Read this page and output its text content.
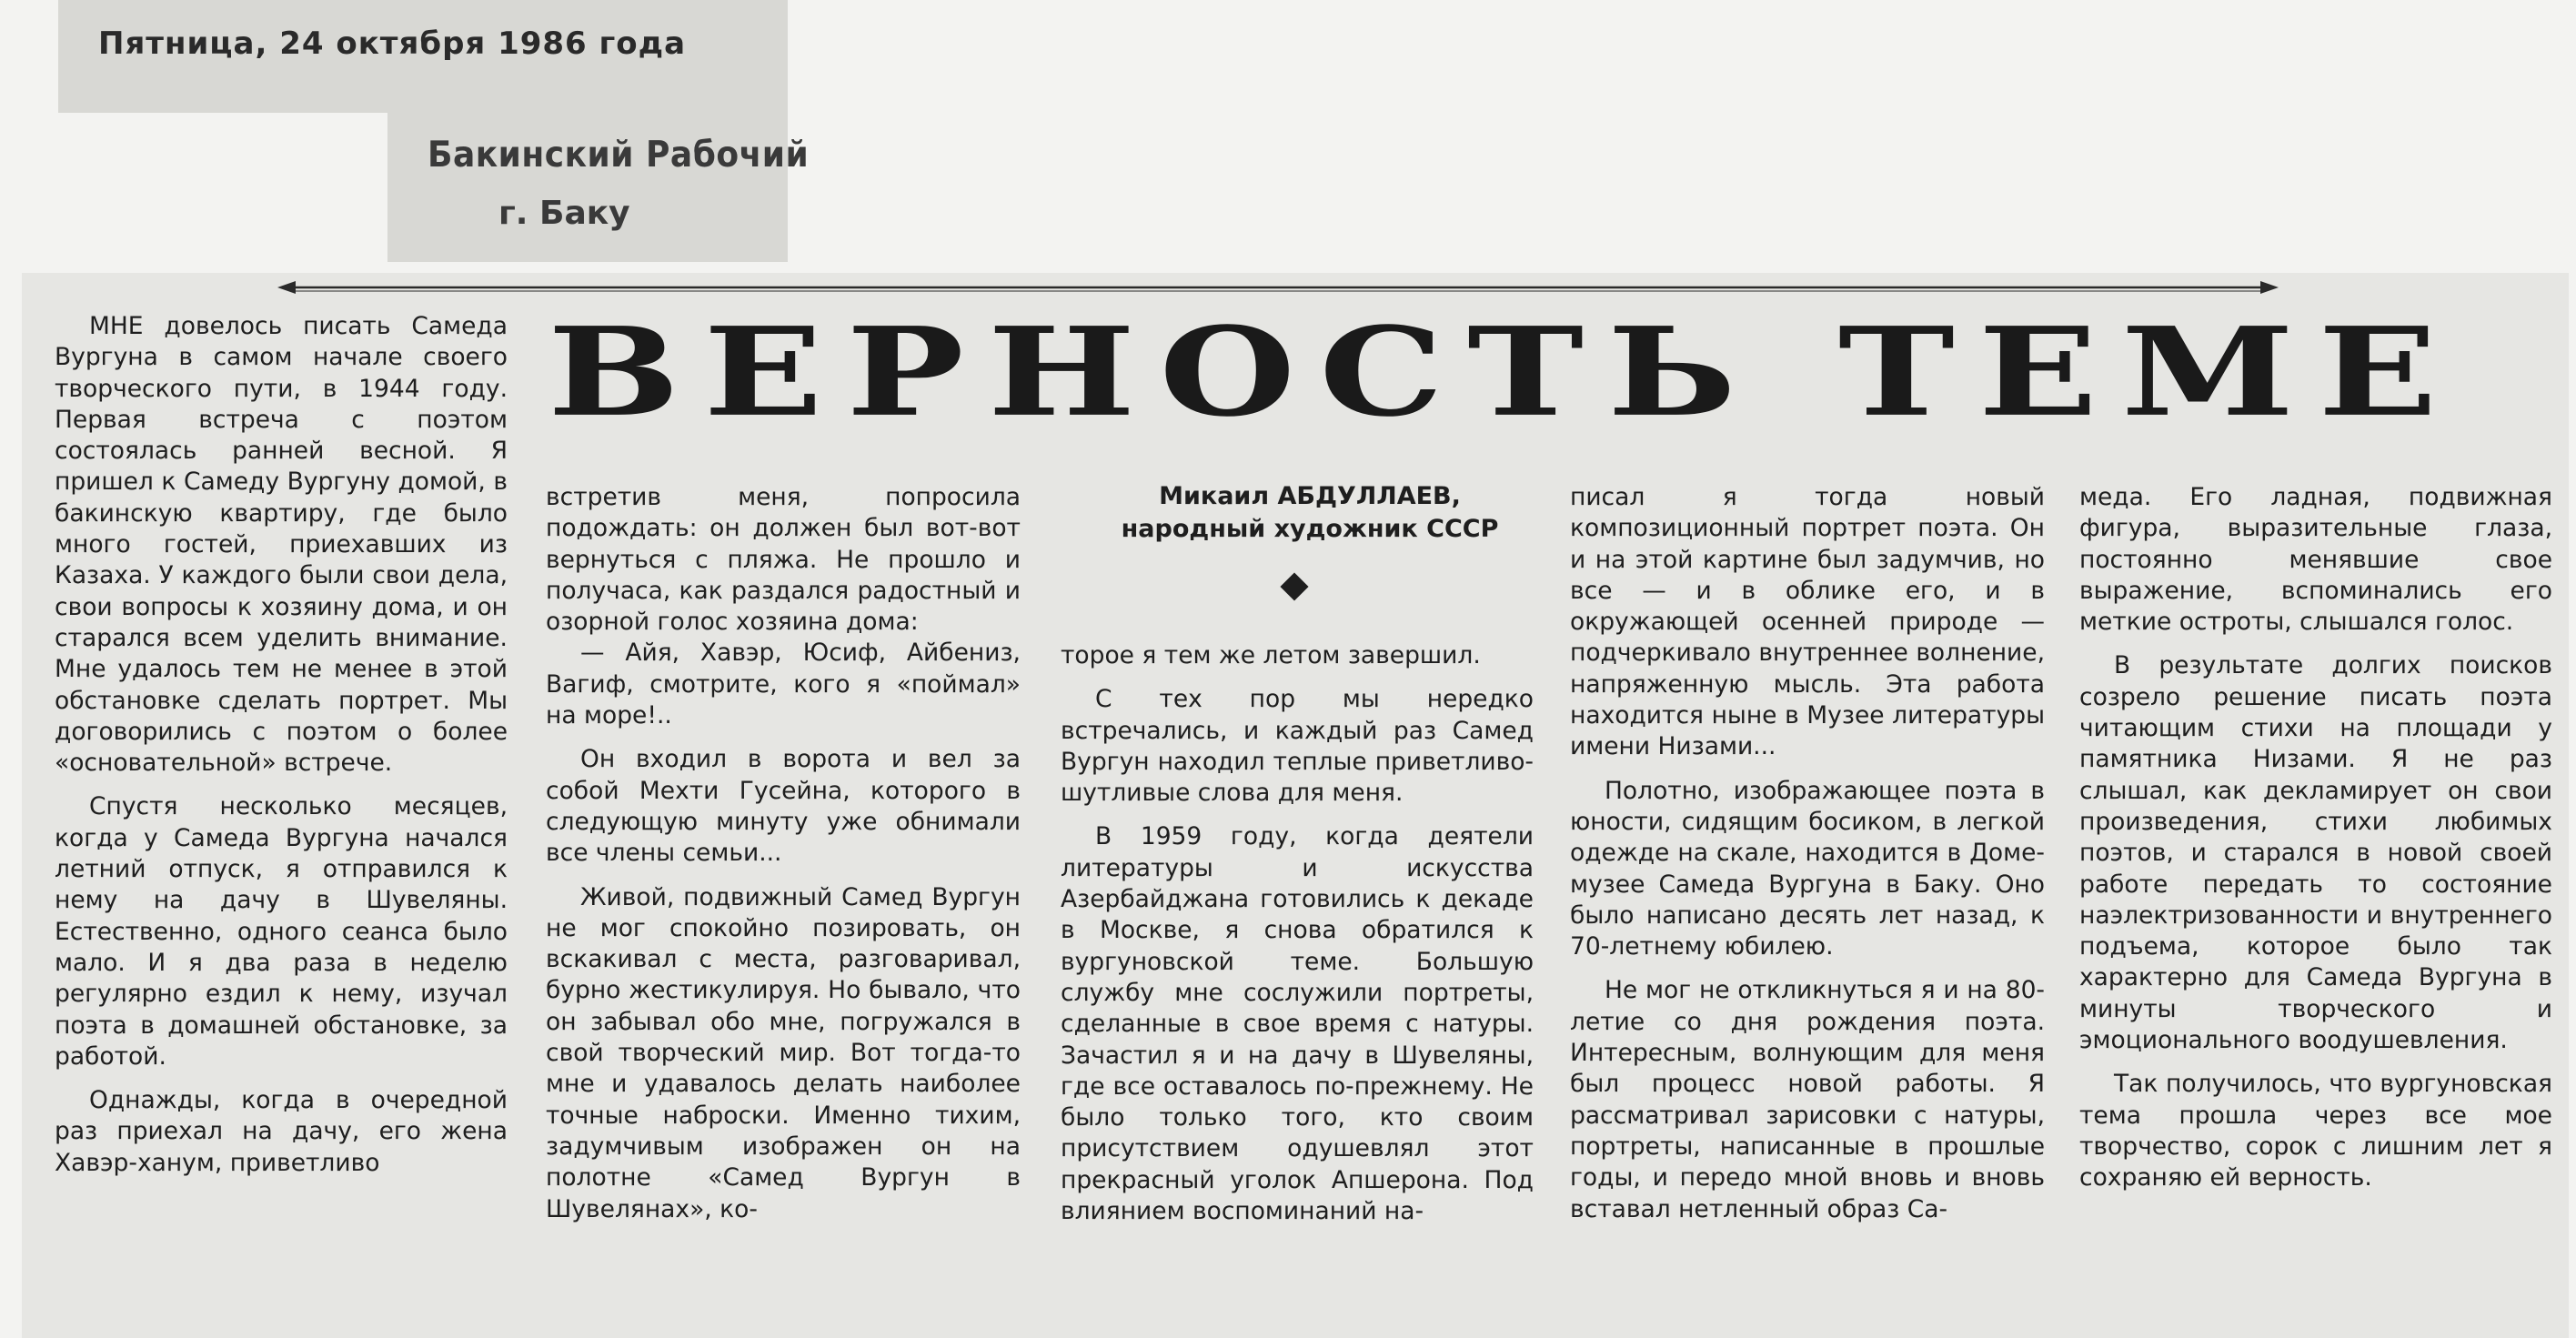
Пятница, 24 октября 1986 года
Бакинский Рабочий
г. Баку
ВЕРНОСТЬ ТЕМЕ
Микаил АБДУЛЛАЕВ,
народный художник СССР

МНЕ довелось писать Самеда Вургуна в самом начале своего творческого пути, в 1944 году. Первая встреча с поэтом состоялась ранней весной. Я пришел к Самеду Вургуну домой, в бакинскую квартиру, где было много гостей, приехавших из Казаха. У каждого были свои дела, свои вопросы к хозяину дома, и он старался всем уделить внимание. Мне удалось тем не менее в этой обстановке сделать портрет. Мы договорились с поэтом о более «основательной» встрече.

Спустя несколько месяцев, когда у Самеда Вургуна начался летний отпуск, я отправился к нему на дачу в Шувеляны. Естественно, одного сеанса было мало. И я два раза в неделю регулярно ездил к нему, изучал поэта в домашней обстановке, за работой.

Однажды, когда в очередной раз приехал на дачу, его жена Хавэр-ханум, приветливо

встретив меня, попросила подождать: он должен был вот-вот вернуться с пляжа. Не прошло и получаса, как раздался радостный и озорной голос хозяина дома:

— Айя, Хавэр, Юсиф, Айбениз, Вагиф, смотрите, кого я «поймал» на море!..

Он входил в ворота и вел за собой Мехти Гусейна, которого в следующую минуту уже обнимали все члены семьи...

Живой, подвижный Самед Вургун не мог спокойно позировать, он вскакивал с места, разговаривал, бурно жестикулируя. Но бывало, что он забывал обо мне, погружался в свой творческий мир. Вот тогда-то мне и удавалось делать наиболее точные наброски. Именно тихим, задумчивым изображен он на полотне «Самед Вургун в Шувелянах», ко-

торое я тем же летом завершил.

С тех пор мы нередко встречались, и каждый раз Самед Вургун находил теплые приветливо-шутливые слова для меня.

В 1959 году, когда деятели литературы и искусства Азербайджана готовились к декаде в Москве, я снова обратился к вургуновской теме. Большую службу мне сослужили портреты, сделанные в свое время с натуры. Зачастил я и на дачу в Шувеляны, где все оставалось по-прежнему. Не было только того, кто своим присутствием одушевлял этот прекрасный уголок Апшерона. Под влиянием воспоминаний на-

писал я тогда новый композиционный портрет поэта. Он и на этой картине был задумчив, но все — и в облике его, и в окружающей осенней природе — подчеркивало внутреннее волнение, напряженную мысль. Эта работа находится ныне в Музее литературы имени Низами...

Полотно, изображающее поэта в юности, сидящим босиком, в легкой одежде на скале, находится в Доме-музее Самеда Вургуна в Баку. Оно было написано десять лет назад, к 70-летнему юбилею.

Не мог не откликнуться я и на 80-летие со дня рождения поэта. Интересным, волнующим для меня был процесс новой работы. Я рассматривал зарисовки с натуры, портреты, написанные в прошлые годы, и передо мной вновь и вновь вставал нетленный образ Са-

меда. Его ладная, подвижная фигура, выразительные глаза, постоянно менявшие свое выражение, вспоминались его меткие остроты, слышался голос.

В результате долгих поисков созрело решение писать поэта читающим стихи на площади у памятника Низами. Я не раз слышал, как декламирует он свои произведения, стихи любимых поэтов, и старался в новой своей работе передать то состояние наэлектризованности и внутреннего подъема, которое было так характерно для Самеда Вургуна в минуты творческого и эмоционального воодушевления.

Так получилось, что вургуновская тема прошла через все мое творчество, сорок с лишним лет я сохраняю ей верность.
